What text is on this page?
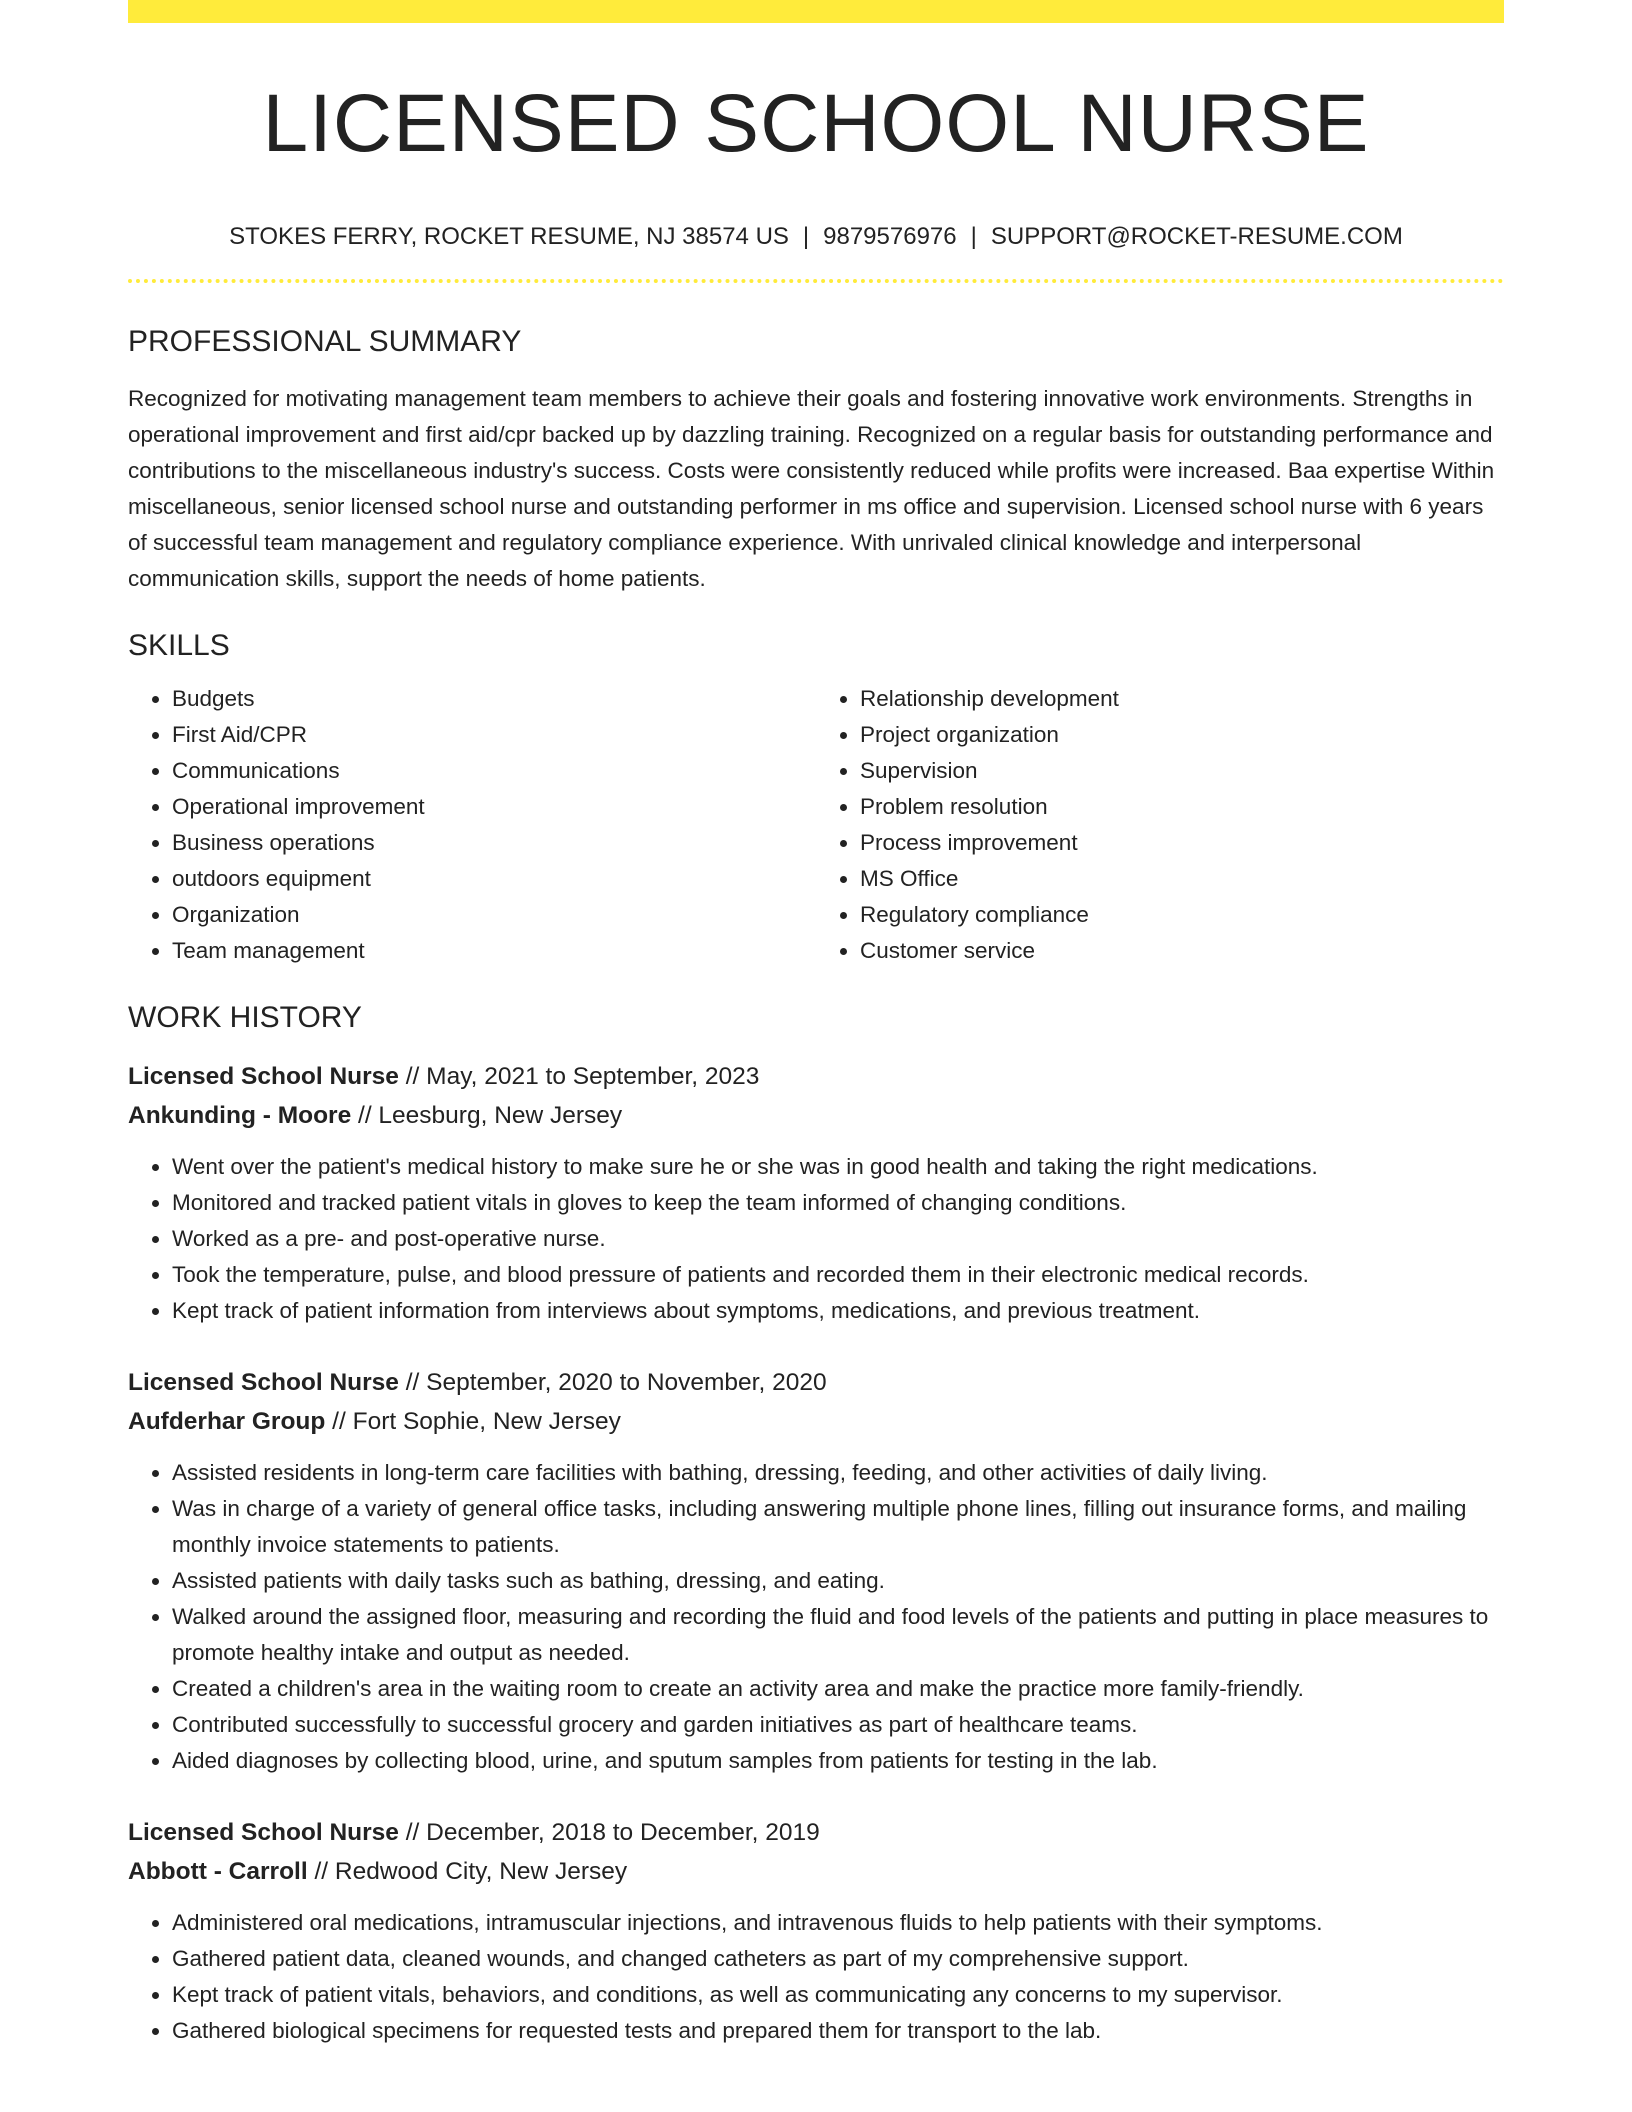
LICENSED SCHOOL NURSE
STOKES FERRY, ROCKET RESUME, NJ 38574 US | 9879576976 | SUPPORT@ROCKET-RESUME.COM
PROFESSIONAL SUMMARY

Recognized for motivating management team members to achieve their goals and fostering innovative work environments. Strengths in operational improvement and first aid/cpr backed up by dazzling training. Recognized on a regular basis for outstanding performance and contributions to the miscellaneous industry's success. Costs were consistently reduced while profits were increased. Baa expertise Within miscellaneous, senior licensed school nurse and outstanding performer in ms office and supervision. Licensed school nurse with 6 years of successful team management and regulatory compliance experience. With unrivaled clinical knowledge and interpersonal communication skills, support the needs of home patients.

SKILLS
• Budgets
• First Aid/CPR
• Communications
• Operational improvement
• Business operations
• outdoors equipment
• Organization
• Team management
• Relationship development
• Project organization
• Supervision
• Problem resolution
• Process improvement
• MS Office
• Regulatory compliance
• Customer service
WORK HISTORY
Licensed School Nurse // May, 2021 to September, 2023
Ankunding - Moore // Leesburg, New Jersey
• Went over the patient's medical history to make sure he or she was in good health and taking the right medications.
• Monitored and tracked patient vitals in gloves to keep the team informed of changing conditions.
• Worked as a pre- and post-operative nurse.
• Took the temperature, pulse, and blood pressure of patients and recorded them in their electronic medical records.
• Kept track of patient information from interviews about symptoms, medications, and previous treatment.
Licensed School Nurse // September, 2020 to November, 2020
Aufderhar Group // Fort Sophie, New Jersey
• Assisted residents in long-term care facilities with bathing, dressing, feeding, and other activities of daily living.
• Was in charge of a variety of general office tasks, including answering multiple phone lines, filling out insurance forms, and mailing monthly invoice statements to patients.
• Assisted patients with daily tasks such as bathing, dressing, and eating.
• Walked around the assigned floor, measuring and recording the fluid and food levels of the patients and putting in place measures to promote healthy intake and output as needed.
• Created a children's area in the waiting room to create an activity area and make the practice more family-friendly.
• Contributed successfully to successful grocery and garden initiatives as part of healthcare teams.
• Aided diagnoses by collecting blood, urine, and sputum samples from patients for testing in the lab.
Licensed School Nurse // December, 2018 to December, 2019
Abbott - Carroll // Redwood City, New Jersey
• Administered oral medications, intramuscular injections, and intravenous fluids to help patients with their symptoms.
• Gathered patient data, cleaned wounds, and changed catheters as part of my comprehensive support.
• Kept track of patient vitals, behaviors, and conditions, as well as communicating any concerns to my supervisor.
• Gathered biological specimens for requested tests and prepared them for transport to the lab.
